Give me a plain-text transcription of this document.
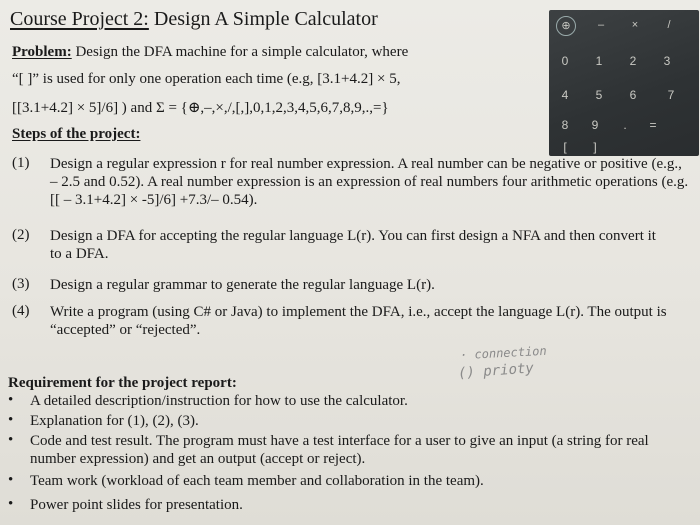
Course Project 2: Design A Simple Calculator
Problem: Design the DFA machine for a simple calculator, where
“[ ]” is used for only one operation each time (e.g, [3.1+4.2] × 5,
[[3.1+4.2] × 5]/6] ) and Σ = {⊕,–,×,/,[,],0,1,2,3,4,5,6,7,8,9,.,=}
⊕	–	×	/
0	1	2	3
4	5	6	7
8	9	.	=
[	]
Steps of the project:
(1) Design a regular expression r for real number expression. A real number can be negative or positive (e.g., – 2.5 and 0.52). A real number expression is an expression of real numbers four arithmetic operations (e.g. [[ – 3.1+4.2] × -5]/6] +7.3/– 0.54).
(2) Design a DFA for accepting the regular language L(r). You can first design a NFA and then convert it to a DFA.
(3) Design a regular grammar to generate the regular language L(r).
(4) Write a program (using C# or Java) to implement the DFA, i.e., accept the language L(r). The output is “accepted” or “rejected”.
· connection
() prioty
Requirement for the project report:
• A detailed description/instruction for how to use the calculator.
• Explanation for (1), (2), (3).
• Code and test result. The program must have a test interface for a user to give an input (a string for real number expression) and get an output (accept or reject).
• Team work (workload of each team member and collaboration in the team).
• Power point slides for presentation.
